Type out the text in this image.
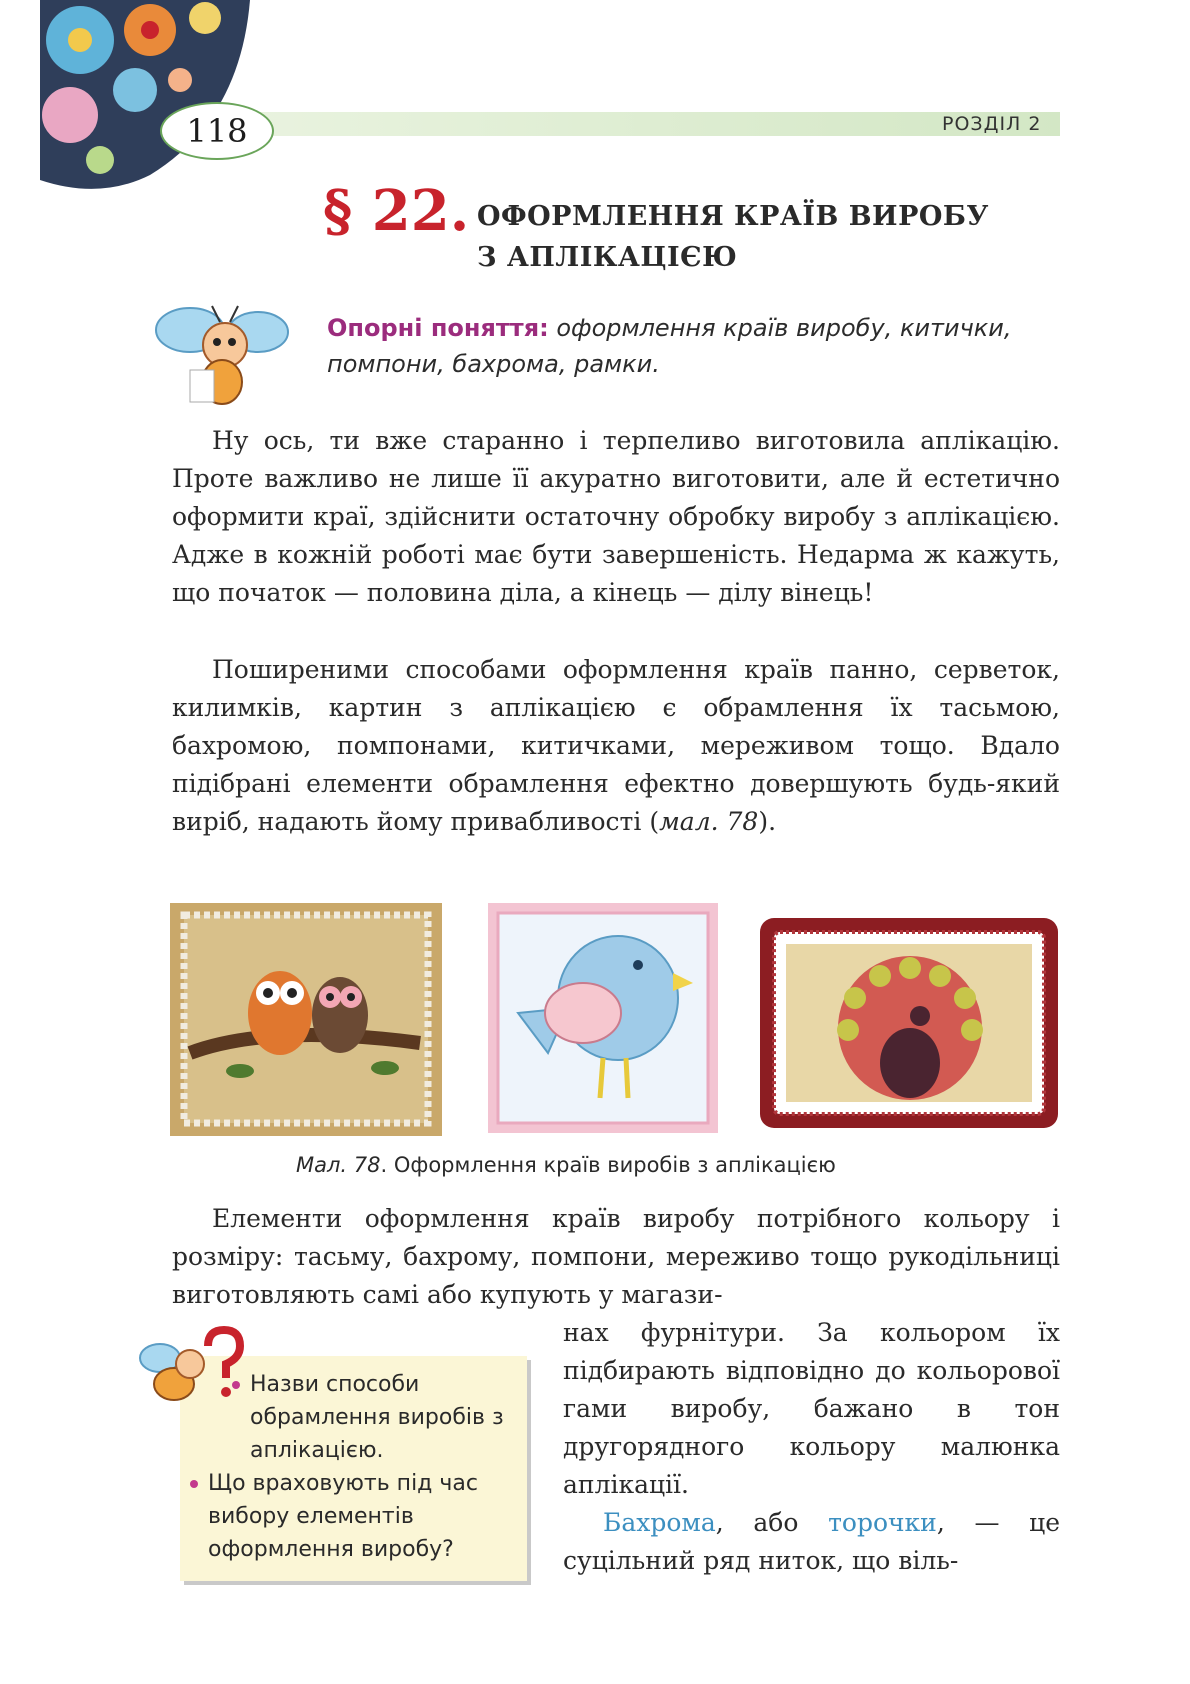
118	РОЗДІЛ 2
§ 22. ОФОРМЛЕННЯ КРАЇВ ВИРОБУ
З АПЛІКАЦІЄЮ
Опорні поняття: оформлення країв виробу, китички, помпони, бахрома, рамки.
Ну ось, ти вже старанно і терпеливо виготовила аплікацію. Проте важливо не лише її акуратно виготовити, але й естетично оформити краї, здійснити остаточну обробку виробу з аплікацією. Адже в кожній роботі має бути завершеність. Недарма ж кажуть, що початок — половина діла, а кінець — ділу вінець!
Поширеними способами оформлення країв панно, серветок, килимків, картин з аплікацією є обрамлення їх тасьмою, бахромою, помпонами, китичками, мереживом тощо. Вдало підібрані елементи обрамлення ефектно довершують будь-який виріб, надають йому привабливості (мал. 78).
Мал. 78. Оформлення країв виробів з аплікацією
Елементи оформлення країв виробу потрібного кольору і розміру: тасьму, бахрому, помпони, мереживо тощо рукодільниці виготовляють самі або купують у магази-
нах фурнітури. За кольором їх підбирають відповідно до кольорової гами виробу, бажано в тон другорядного кольору малюнка аплікації.
Бахрома, або торочки, — це суцільний ряд ниток, що віль-
Назви способи обрамлення виробів з аплікацією.
Що враховують під час вибору елементів оформлення виробу?
